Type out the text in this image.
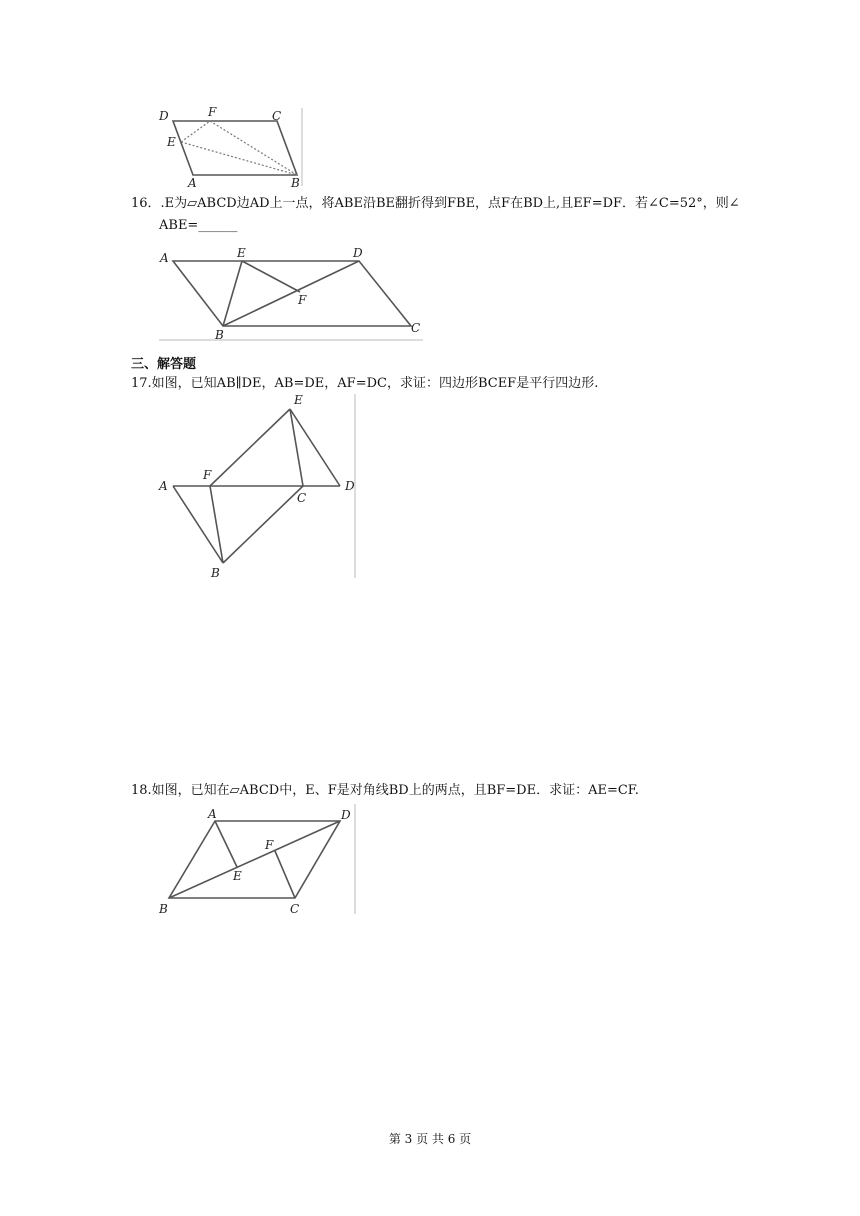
D	F	C
E
A	B
16．.E为▱ABCD边AD上一点，将ABE沿BE翻折得到FBE，点F在BD上,且EF=DF．若∠C=52°，则∠
ABE=______
A	E	D
F
B	C
三、解答题
17.如图，已知AB∥DE，AB=DE，AF=DC，求证：四边形BCEF是平行四边形.
E
A
F
C
D
B
18.如图，已知在▱ABCD中，E、F是对角线BD上的两点，且BF=DE．求证：AE=CF.
A	D
F
E
B	C
第 3 页 共 6 页
